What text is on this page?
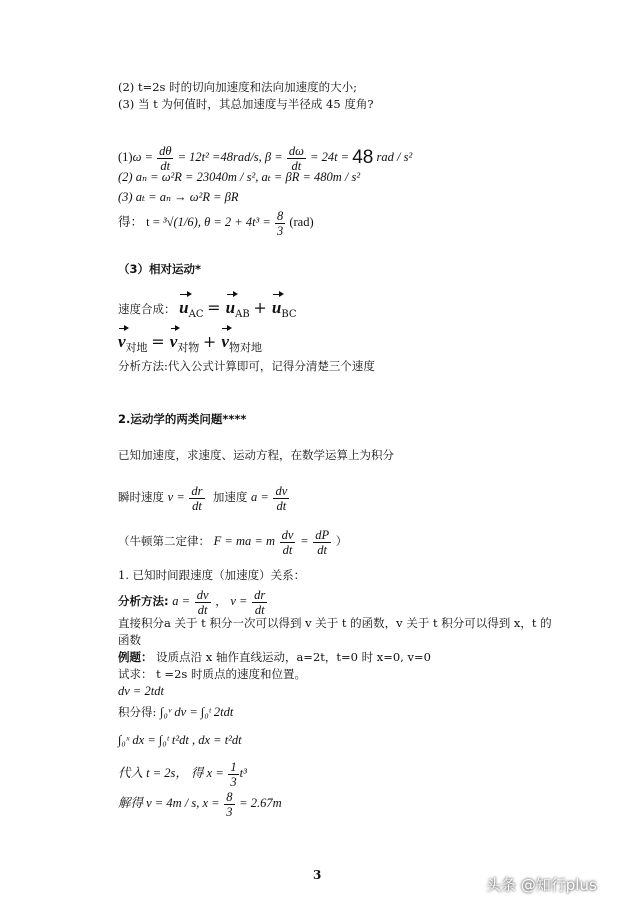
(2) t=2s 时的切向加速度和法向加速度的大小;
(3) 当 t 为何值时，其总加速度与半径成 45 度角?
$(1)\omega = \frac{d\theta}{dt} = 12t^2 =48rad/s$, $\beta = \frac{d\omega}{dt} = 24t = 48$ rad / s²
(2) aₙ = ω²R = 23040m / s², aₜ = βR = 480m / s²
(3) aₜ = aₙ → ω²R = βR
得： t = ³√(1/6), $\theta = 2 + 4t^3 = \frac{8}{3} (rad)$
（3）相对运动*
速度合成： uAC = uAB + uBC
v对地 = v对物 + v物对地
分析方法:代入公式计算即可，记得分清楚三个速度
2.运动学的两类问题****
已知加速度，求速度、运动方程，在数学运算上为积分
瞬时速度 $v = \frac{dr}{dt}$ 加速度 $a = \frac{dv}{dt}$
（牛顿第二定律： F = ma = m $\frac{dv}{dt} = \frac{dP}{dt}$ ）
1. 已知时间跟速度（加速度）关系：
分析方法: $a = \frac{dv}{dt}$ ， $v = \frac{dr}{dt}$
直接积分a 关于 t 积分一次可以得到 v 关于 t 的函数，v 关于 t 积分可以得到 x，t 的
函数
例题： 设质点沿 x 轴作直线运动，a=2t，t=0 时 x=0, v=0
试求： t =2s 时质点的速度和位置。
dv = 2tdt
积分得: ∫₀ᵛ dv = ∫₀ᵗ 2tdt
∫₀ˣ dx = ∫₀ᵗ t²dt , dx = t²dt
代入 t = 2s， 得 $x = \frac{1}{3} t^3$
解得 v = 4m / s, $x = \frac{8}{3} = 2.67m$
3
头条 @知行plus
